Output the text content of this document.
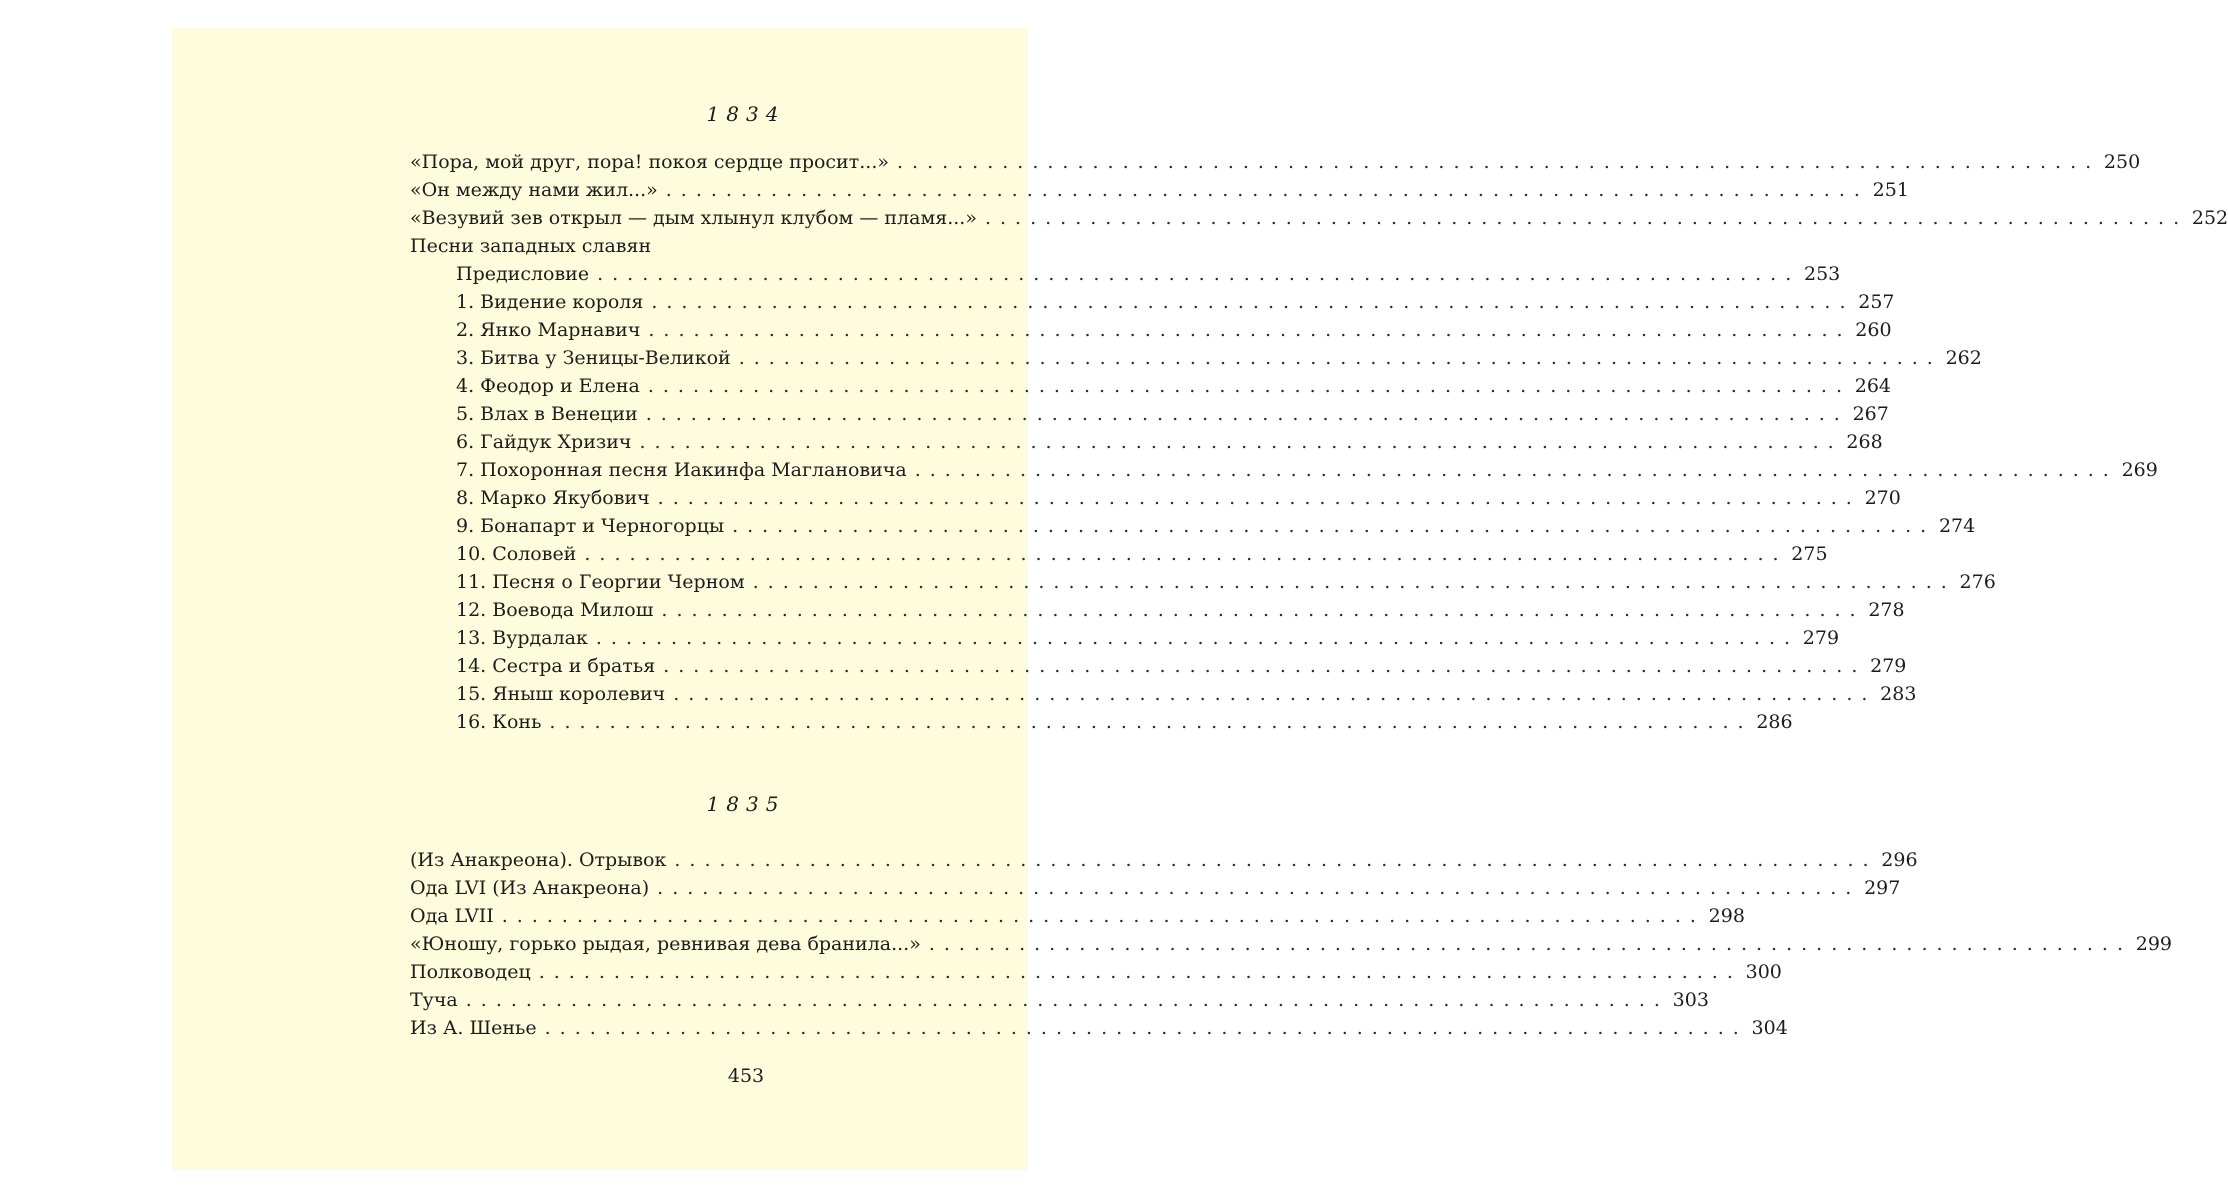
1834
«Пора, мой друг, пора! покоя сердце просит...» ................................................................................ 250
«Он между нами жил...» ................................................................................ 251
«Везувий зев открыл — дым хлынул клубом — пламя...» ................................................................................ 252
Песни западных славян
Предисловие ................................................................................ 253
1. Видение короля ................................................................................ 257
2. Янко Марнавич ................................................................................ 260
3. Битва у Зеницы-Великой ................................................................................ 262
4. Феодор и Елена ................................................................................ 264
5. Влах в Венеции ................................................................................ 267
6. Гайдук Хризич ................................................................................ 268
7. Похоронная песня Иакинфа Маглановича ................................................................................ 269
8. Марко Якубович ................................................................................ 270
9. Бонапарт и Черногорцы ................................................................................ 274
10. Соловей ................................................................................ 275
11. Песня о Георгии Черном ................................................................................ 276
12. Воевода Милош ................................................................................ 278
13. Вурдалак ................................................................................ 279
14. Сестра и братья ................................................................................ 279
15. Яныш королевич ................................................................................ 283
16. Конь ................................................................................ 286
1835
(Из Анакреона). Отрывок ................................................................................ 296
Ода LVI (Из Анакреона) ................................................................................ 297
Ода LVII ................................................................................ 298
«Юношу, горько рыдая, ревнивая дева бранила...» ................................................................................ 299
Полководец ................................................................................ 300
Туча ................................................................................ 303
Из А. Шенье ................................................................................ 304
453
